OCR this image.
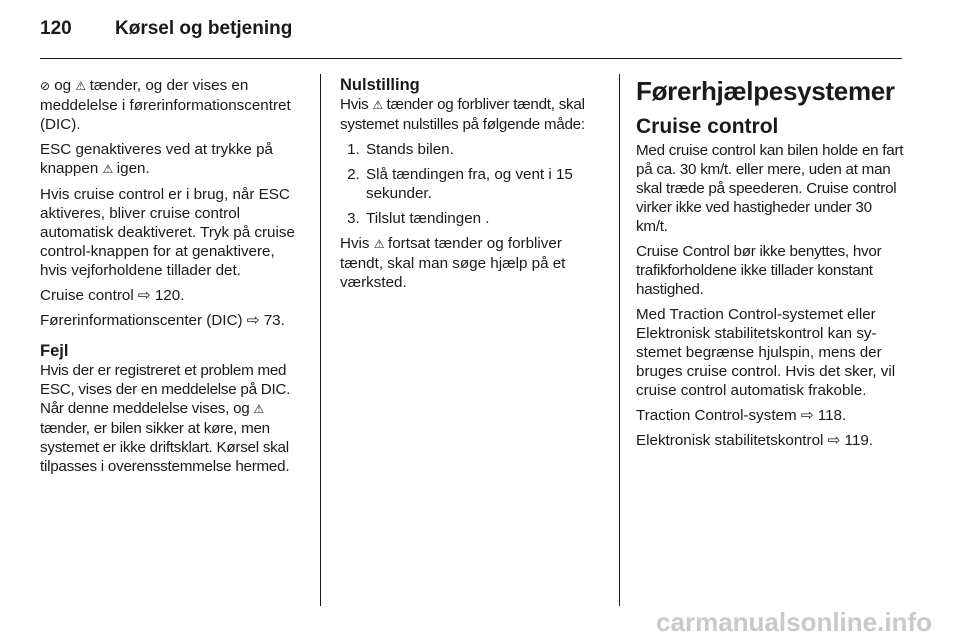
120	Kørsel og betjening

⊘ og ⚠ tænder, og der vises en meddelelse i førerinformationscentret (DIC).

ESC genaktiveres ved at trykke på knappen ⚠ igen.

Hvis cruise control er i brug, når ESC aktiveres, bliver cruise control automatisk deaktiveret. Tryk på cruise control-knappen for at genaktivere, hvis vejforholdene tillader det.

Cruise control ⇨ 120.

Førerinformationscenter (DIC) ⇨ 73.

Fejl

Hvis der er registreret et problem med ESC, vises der en meddelelse på DIC. Når denne meddelelse vises, og ⚠ tænder, er bilen sikker at køre, men systemet er ikke driftsklart. Kørsel skal tilpasses i overensstemmelse hermed.

Nulstilling

Hvis ⚠ tænder og forbliver tændt, skal systemet nulstilles på følgende måde:

1. Stands bilen.
2. Slå tændingen fra, og vent i 15 sekunder.
3. Tilslut tændingen .

Hvis ⚠ fortsat tænder og forbliver tændt, skal man søge hjælp på et værksted.

Førerhjælpesystemer
Cruise control

Med cruise control kan bilen holde en fart på ca. 30 km/t. eller mere, uden at man skal træde på speederen. Cruise control virker ikke ved hastigheder under 30 km/t.

Cruise Control bør ikke benyttes, hvor trafikforholdene ikke tillader konstant hastighed.

Med Traction Control-systemet eller Elektronisk stabilitetskontrol kan sy-stemet begrænse hjulspin, mens der bruges cruise control. Hvis det sker, vil cruise control automatisk frakoble.

Traction Control-system ⇨ 118.

Elektronisk stabilitetskontrol ⇨ 119.

carmanualsonline.info
